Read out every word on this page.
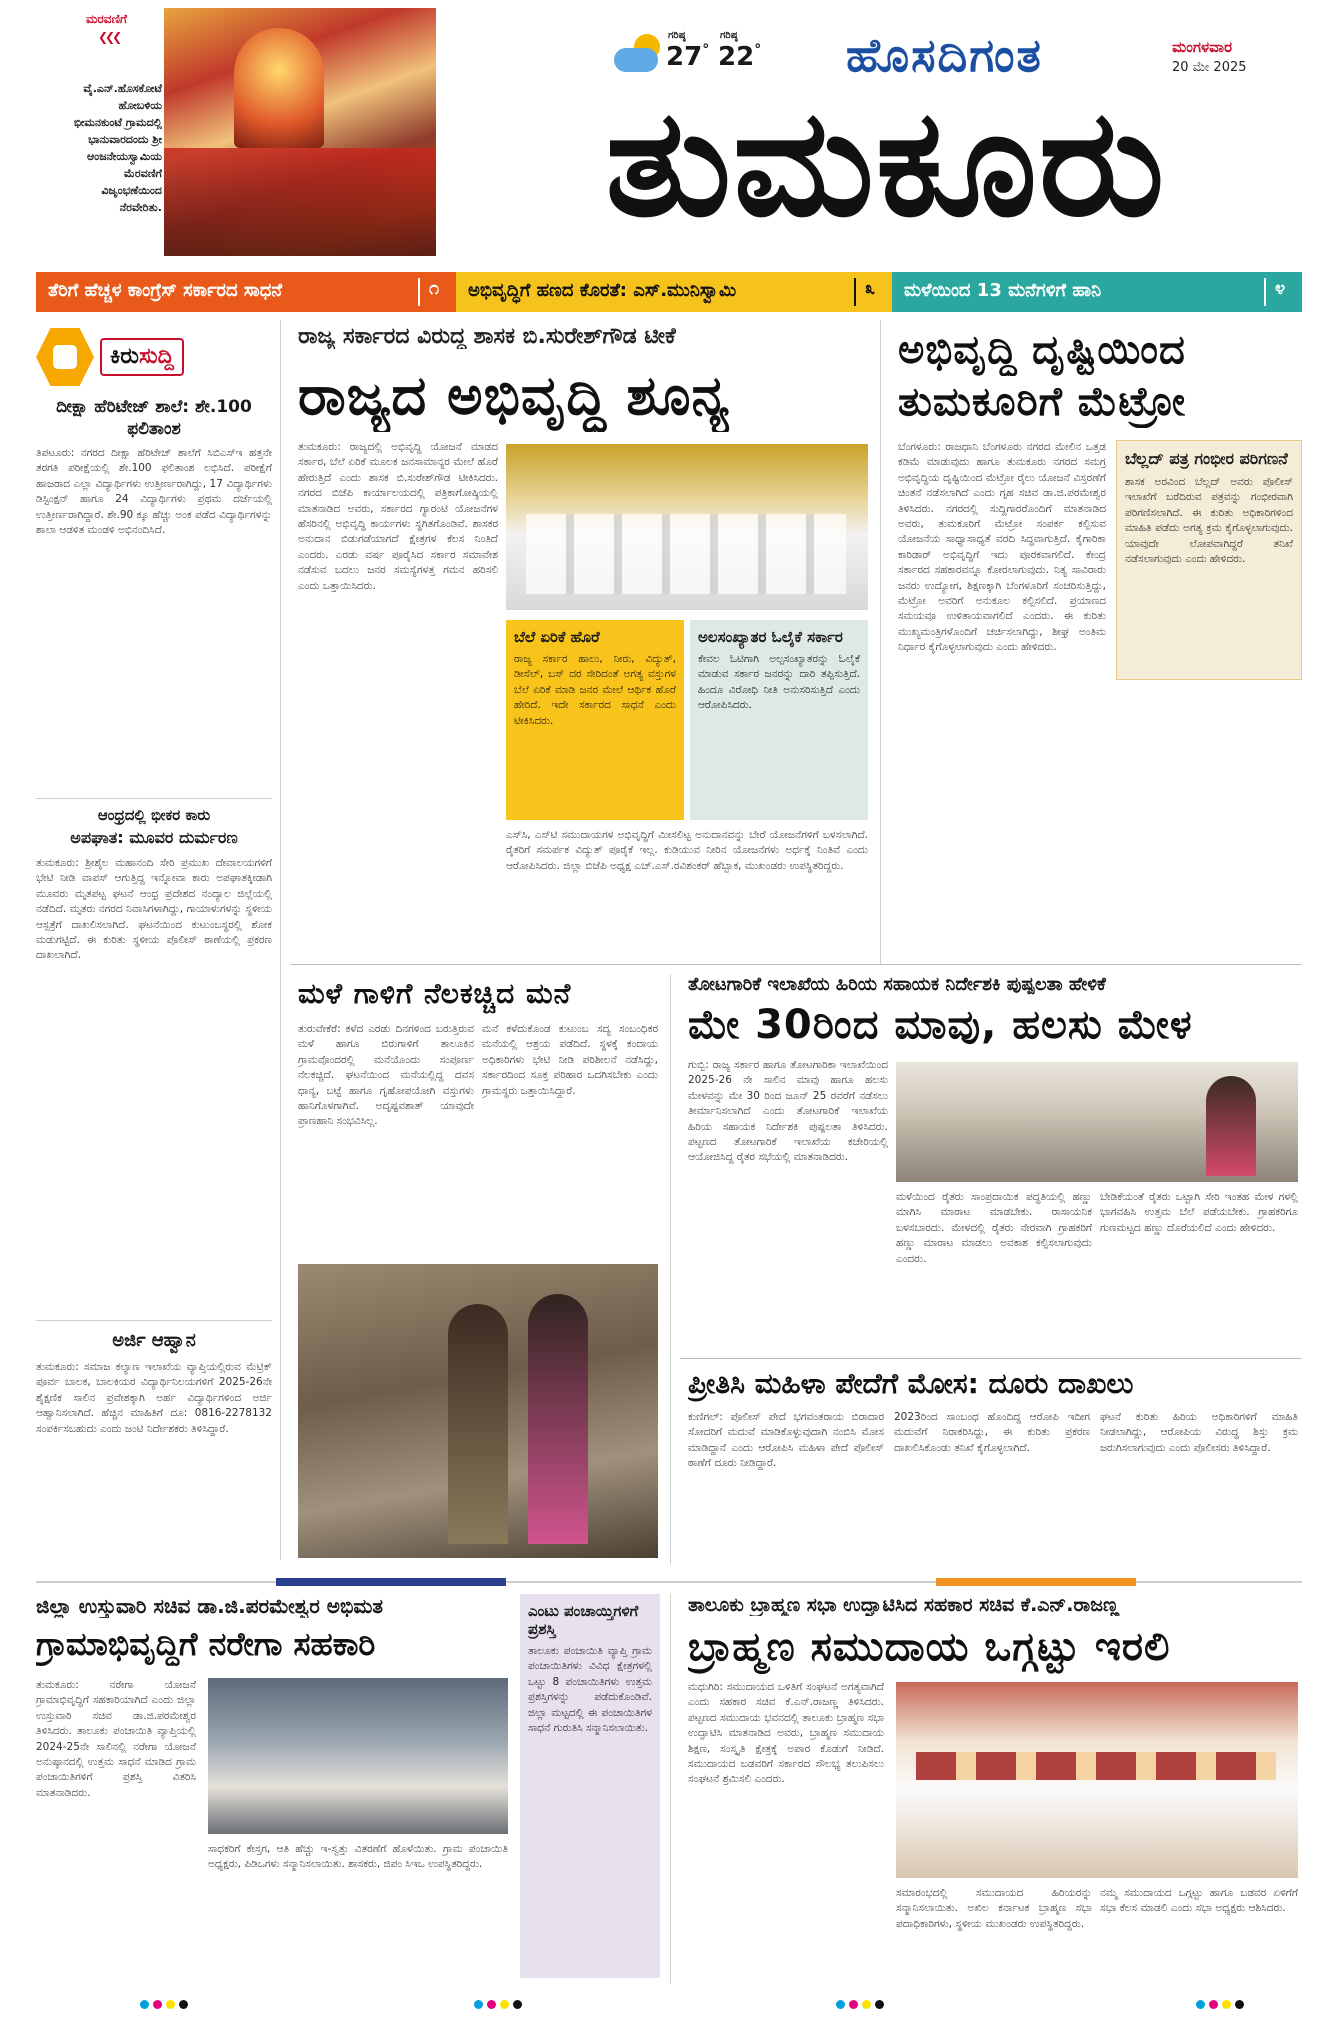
ಮರವಣಿಗೆ
❮❮❮
ವೈ.ಎನ್.ಹೊಸಕೋಟೆ ಹೋಬಳಿಯ ಭೀಮನಕುಂಟೆ ಗ್ರಾಮದಲ್ಲಿ ಭಾನುವಾರದಂದು ಶ್ರೀ ಆಂಜನೇಯಸ್ವಾಮಿಯ ಮೆರವಣಿಗೆ ವಿಜೃಂಭಣೆಯಿಂದ ನೆರವೇರಿತು.
ಗರಿಷ್ಠ
27°
ಗರಿಷ್ಠ
22° ಹೊಸದಿಗಂತ	ಮಂಗಳವಾರ
20 ಮೇ 2025
ತುಮಕೂರು
ತೆರಿಗೆ ಹೆಚ್ಚಳ ಕಾಂಗ್ರೆಸ್ ಸರ್ಕಾರದ ಸಾಧನೆ	೧	ಅಭಿವೃದ್ಧಿಗೆ ಹಣದ ಕೊರತೆ: ಎಸ್.ಮುನಿಸ್ವಾಮಿ	೩	ಮಳೆಯಿಂದ 13 ಮನೆಗಳಿಗೆ ಹಾನಿ	೪
ಕಿರುಸುದ್ದಿ
ದೀಕ್ಷಾ ಹೆರಿಟೇಜ್ ಶಾಲೆ: ಶೇ.100 ಫಲಿತಾಂಶ
ತಿಪಟೂರು: ನಗರದ ದೀಕ್ಷಾ ಹೆರಿಟೇಜ್ ಶಾಲೆಗೆ ಸಿಬಿಎಸ್‌ಇ ಹತ್ತನೇ ತರಗತಿ ಪರೀಕ್ಷೆಯಲ್ಲಿ ಶೇ.100 ಫಲಿತಾಂಶ ಲಭಿಸಿದೆ. ಪರೀಕ್ಷೆಗೆ ಹಾಜರಾದ ಎಲ್ಲಾ ವಿದ್ಯಾರ್ಥಿಗಳು ಉತ್ತೀರ್ಣರಾಗಿದ್ದು, 17 ವಿದ್ಯಾರ್ಥಿಗಳು ಡಿಸ್ಟಿಂಕ್ಷನ್ ಹಾಗೂ 24 ವಿದ್ಯಾರ್ಥಿಗಳು ಪ್ರಥಮ ದರ್ಜೆಯಲ್ಲಿ ಉತ್ತೀರ್ಣರಾಗಿದ್ದಾರೆ. ಶೇ.90 ಕ್ಕೂ ಹೆಚ್ಚು ಅಂಕ ಪಡೆದ ವಿದ್ಯಾರ್ಥಿಗಳನ್ನು ಶಾಲಾ ಆಡಳಿತ ಮಂಡಳಿ ಅಭಿನಂದಿಸಿದೆ.
ಆಂಧ್ರದಲ್ಲಿ ಭೀಕರ ಕಾರು
ಅಪಘಾತ: ಮೂವರ ದುರ್ಮರಣ
ತುಮಕೂರು: ಶ್ರೀಶೈಲ ಮಹಾನಂದಿ ಸೇರಿ ಪ್ರಮುಖ ದೇವಾಲಯಗಳಿಗೆ ಭೇಟಿ ನೀಡಿ ವಾಪಸ್ ಆಗುತ್ತಿದ್ದ ಇನ್ನೋವಾ ಕಾರು ಅಪಘಾತಕ್ಕೀಡಾಗಿ ಮೂವರು ಮೃತಪಟ್ಟ ಘಟನೆ ಆಂಧ್ರ ಪ್ರದೇಶದ ನಂದ್ಯಾಲ ಜಿಲ್ಲೆಯಲ್ಲಿ ನಡೆದಿದೆ. ಮೃತರು ನಗರದ ನಿವಾಸಿಗಳಾಗಿದ್ದು, ಗಾಯಾಳುಗಳನ್ನು ಸ್ಥಳೀಯ ಆಸ್ಪತ್ರೆಗೆ ದಾಖಲಿಸಲಾಗಿದೆ. ಘಟನೆಯಿಂದ ಕುಟುಂಬಸ್ಥರಲ್ಲಿ ಶೋಕ ಮಡುಗಟ್ಟಿದೆ. ಈ ಕುರಿತು ಸ್ಥಳೀಯ ಪೊಲೀಸ್ ಠಾಣೆಯಲ್ಲಿ ಪ್ರಕರಣ ದಾಖಲಾಗಿದೆ.
ಅರ್ಜಿ ಆಹ್ವಾನ
ತುಮಕೂರು: ಸಮಾಜ ಕಲ್ಯಾಣ ಇಲಾಖೆಯ ವ್ಯಾಪ್ತಿಯಲ್ಲಿರುವ ಮೆಟ್ರಿಕ್ ಪೂರ್ವ ಬಾಲಕ, ಬಾಲಕಿಯರ ವಿದ್ಯಾರ್ಥಿನಿಲಯಗಳಿಗೆ 2025-26ನೇ ಶೈಕ್ಷಣಿಕ ಸಾಲಿನ ಪ್ರವೇಶಕ್ಕಾಗಿ ಅರ್ಹ ವಿದ್ಯಾರ್ಥಿಗಳಿಂದ ಅರ್ಜಿ ಆಹ್ವಾನಿಸಲಾಗಿದೆ. ಹೆಚ್ಚಿನ ಮಾಹಿತಿಗೆ ದೂ: 0816-2278132 ಸಂಪರ್ಕಿಸಬಹುದು ಎಂದು ಜಂಟಿ ನಿರ್ದೇಶಕರು ತಿಳಿಸಿದ್ದಾರೆ.
ರಾಜ್ಯ ಸರ್ಕಾರದ ವಿರುದ್ಧ ಶಾಸಕ ಬಿ.ಸುರೇಶ್‌ಗೌಡ ಟೀಕೆ
ರಾಜ್ಯದ ಅಭಿವೃದ್ಧಿ ಶೂನ್ಯ
ತುಮಕೂರು: ರಾಜ್ಯದಲ್ಲಿ ಅಭಿವೃದ್ಧಿ ಯೋಜನೆ ಮಾಡದ ಸರ್ಕಾರ, ಬೆಲೆ ಏರಿಕೆ ಮೂಲಕ ಜನಸಾಮಾನ್ಯರ ಮೇಲೆ ಹೊರೆ ಹೇರುತ್ತಿದೆ ಎಂದು ಶಾಸಕ ಬಿ.ಸುರೇಶ್‌ಗೌಡ ಟೀಕಿಸಿದರು. ನಗರದ ಬಿಜೆಪಿ ಕಾರ್ಯಾಲಯದಲ್ಲಿ ಪತ್ರಿಕಾಗೋಷ್ಠಿಯಲ್ಲಿ ಮಾತನಾಡಿದ ಅವರು, ಸರ್ಕಾರದ ಗ್ಯಾರಂಟಿ ಯೋಜನೆಗಳ ಹೆಸರಿನಲ್ಲಿ ಅಭಿವೃದ್ಧಿ ಕಾರ್ಯಗಳು ಸ್ಥಗಿತಗೊಂಡಿವೆ. ಶಾಸಕರ ಅನುದಾನ ಬಿಡುಗಡೆಯಾಗದೆ ಕ್ಷೇತ್ರಗಳ ಕೆಲಸ ನಿಂತಿದೆ ಎಂದರು. ಎರಡು ವರ್ಷ ಪೂರೈಸಿದ ಸರ್ಕಾರ ಸಮಾವೇಶ ನಡೆಸುವ ಬದಲು ಜನರ ಸಮಸ್ಯೆಗಳತ್ತ ಗಮನ ಹರಿಸಲಿ ಎಂದು ಒತ್ತಾಯಿಸಿದರು.
ಬೆಲೆ ಏರಿಕೆ ಹೊರೆ
ರಾಜ್ಯ ಸರ್ಕಾರ ಹಾಲು, ನೀರು, ವಿದ್ಯುತ್, ಡೀಸೆಲ್, ಬಸ್ ದರ ಸೇರಿದಂತೆ ಅಗತ್ಯ ವಸ್ತುಗಳ ಬೆಲೆ ಏರಿಕೆ ಮಾಡಿ ಜನರ ಮೇಲೆ ಆರ್ಥಿಕ ಹೊರೆ ಹೇರಿದೆ. ಇದೇ ಸರ್ಕಾರದ ಸಾಧನೆ ಎಂದು ಟೀಕಿಸಿದರು.
ಅಲಸಂಖ್ಯಾತರ ಓಲೈಕೆ ಸರ್ಕಾರ
ಕೇವಲ ಓಟಿಗಾಗಿ ಅಲ್ಪಸಂಖ್ಯಾತರನ್ನು ಓಲೈಕೆ ಮಾಡುವ ಸರ್ಕಾರ ಜನರನ್ನು ದಾರಿ ತಪ್ಪಿಸುತ್ತಿದೆ. ಹಿಂದೂ ವಿರೋಧಿ ನೀತಿ ಅನುಸರಿಸುತ್ತಿದೆ ಎಂದು ಆರೋಪಿಸಿದರು.
ಎಸ್‌ಸಿ, ಎಸ್‌ಟಿ ಸಮುದಾಯಗಳ ಅಭಿವೃದ್ಧಿಗೆ ಮೀಸಲಿಟ್ಟ ಅನುದಾನವನ್ನು ಬೇರೆ ಯೋಜನೆಗಳಿಗೆ ಬಳಸಲಾಗಿದೆ. ರೈತರಿಗೆ ಸಮರ್ಪಕ ವಿದ್ಯುತ್ ಪೂರೈಕೆ ಇಲ್ಲ. ಕುಡಿಯುವ ನೀರಿನ ಯೋಜನೆಗಳು ಅರ್ಧಕ್ಕೆ ನಿಂತಿವೆ ಎಂದು ಆರೋಪಿಸಿದರು. ಜಿಲ್ಲಾ ಬಿಜೆಪಿ ಅಧ್ಯಕ್ಷ ಎಚ್.ಎಸ್.ರವಿಶಂಕರ್ ಹೆಬ್ಬಾಕ, ಮುಖಂಡರು ಉಪಸ್ಥಿತರಿದ್ದರು.
ಅಭಿವೃದ್ಧಿ ದೃಷ್ಟಿಯಿಂದ
ತುಮಕೂರಿಗೆ ಮೆಟ್ರೋ
ಬೆಂಗಳೂರು: ರಾಜಧಾನಿ ಬೆಂಗಳೂರು ನಗರದ ಮೇಲಿನ ಒತ್ತಡ ಕಡಿಮೆ ಮಾಡುವುದು ಹಾಗೂ ತುಮಕೂರು ನಗರದ ಸಮಗ್ರ ಅಭಿವೃದ್ಧಿಯ ದೃಷ್ಟಿಯಿಂದ ಮೆಟ್ರೋ ರೈಲು ಯೋಜನೆ ವಿಸ್ತರಣೆಗೆ ಚಿಂತನೆ ನಡೆಸಲಾಗಿದೆ ಎಂದು ಗೃಹ ಸಚಿವ ಡಾ.ಜಿ.ಪರಮೇಶ್ವರ ತಿಳಿಸಿದರು. ನಗರದಲ್ಲಿ ಸುದ್ದಿಗಾರರೊಂದಿಗೆ ಮಾತನಾಡಿದ ಅವರು, ತುಮಕೂರಿಗೆ ಮೆಟ್ರೋ ಸಂಪರ್ಕ ಕಲ್ಪಿಸುವ ಯೋಜನೆಯ ಸಾಧ್ಯಾಸಾಧ್ಯತೆ ವರದಿ ಸಿದ್ಧವಾಗುತ್ತಿದೆ. ಕೈಗಾರಿಕಾ ಕಾರಿಡಾರ್ ಅಭಿವೃದ್ಧಿಗೆ ಇದು ಪೂರಕವಾಗಲಿದೆ. ಕೇಂದ್ರ ಸರ್ಕಾರದ ಸಹಕಾರವನ್ನೂ ಕೋರಲಾಗುವುದು. ನಿತ್ಯ ಸಾವಿರಾರು ಜನರು ಉದ್ಯೋಗ, ಶಿಕ್ಷಣಕ್ಕಾಗಿ ಬೆಂಗಳೂರಿಗೆ ಸಂಚರಿಸುತ್ತಿದ್ದು, ಮೆಟ್ರೋ ಅವರಿಗೆ ಅನುಕೂಲ ಕಲ್ಪಿಸಲಿದೆ. ಪ್ರಯಾಣದ ಸಮಯವೂ ಉಳಿತಾಯವಾಗಲಿದೆ ಎಂದರು. ಈ ಕುರಿತು ಮುಖ್ಯಮಂತ್ರಿಗಳೊಂದಿಗೆ ಚರ್ಚಿಸಲಾಗಿದ್ದು, ಶೀಘ್ರ ಅಂತಿಮ ನಿರ್ಧಾರ ಕೈಗೊಳ್ಳಲಾಗುವುದು ಎಂದು ಹೇಳಿದರು.
ಬೆಲ್ಲದ್ ಪತ್ರ ಗಂಭೀರ ಪರಿಗಣನೆ
ಶಾಸಕ ಅರವಿಂದ ಬೆಲ್ಲದ್ ಅವರು ಪೊಲೀಸ್ ಇಲಾಖೆಗೆ ಬರೆದಿರುವ ಪತ್ರವನ್ನು ಗಂಭೀರವಾಗಿ ಪರಿಗಣಿಸಲಾಗಿದೆ. ಈ ಕುರಿತು ಅಧಿಕಾರಿಗಳಿಂದ ಮಾಹಿತಿ ಪಡೆದು ಅಗತ್ಯ ಕ್ರಮ ಕೈಗೊಳ್ಳಲಾಗುವುದು. ಯಾವುದೇ ಲೋಪವಾಗಿದ್ದರೆ ತನಿಖೆ ನಡೆಸಲಾಗುವುದು ಎಂದು ಹೇಳಿದರು.
ಮಳೆ ಗಾಳಿಗೆ ನೆಲಕಚ್ಚಿದ ಮನೆ
ತುರುವೇಕೆರೆ: ಕಳೆದ ಎರಡು ದಿನಗಳಿಂದ ಬರುತ್ತಿರುವ ಮಳೆ ಹಾಗೂ ಬಿರುಗಾಳಿಗೆ ತಾಲೂಕಿನ ಗ್ರಾಮವೊಂದರಲ್ಲಿ ಮನೆಯೊಂದು ಸಂಪೂರ್ಣ ನೆಲಕಚ್ಚಿದೆ. ಘಟನೆಯಿಂದ ಮನೆಯಲ್ಲಿದ್ದ ದವಸ ಧಾನ್ಯ, ಬಟ್ಟೆ ಹಾಗೂ ಗೃಹೋಪಯೋಗಿ ವಸ್ತುಗಳು ಹಾನಿಗೊಳಗಾಗಿವೆ. ಅದೃಷ್ಟವಶಾತ್ ಯಾವುದೇ ಪ್ರಾಣಹಾನಿ ಸಂಭವಿಸಿಲ್ಲ.
ಮನೆ ಕಳೆದುಕೊಂಡ ಕುಟುಂಬ ಸದ್ಯ ಸಂಬಂಧಿಕರ ಮನೆಯಲ್ಲಿ ಆಶ್ರಯ ಪಡೆದಿದೆ. ಸ್ಥಳಕ್ಕೆ ಕಂದಾಯ ಅಧಿಕಾರಿಗಳು ಭೇಟಿ ನೀಡಿ ಪರಿಶೀಲನೆ ನಡೆಸಿದ್ದು, ಸರ್ಕಾರದಿಂದ ಸೂಕ್ತ ಪರಿಹಾರ ಒದಗಿಸಬೇಕು ಎಂದು ಗ್ರಾಮಸ್ಥರು ಒತ್ತಾಯಿಸಿದ್ದಾರೆ.
ತೋಟಗಾರಿಕೆ ಇಲಾಖೆಯ ಹಿರಿಯ ಸಹಾಯಕ ನಿರ್ದೇಶಕಿ ಪುಷ್ಪಲತಾ ಹೇಳಿಕೆ
ಮೇ 30ರಿಂದ ಮಾವು, ಹಲಸು ಮೇಳ
ಗುಬ್ಬಿ: ರಾಜ್ಯ ಸರ್ಕಾರ ಹಾಗೂ ತೋಟಗಾರಿಕಾ ಇಲಾಖೆಯಿಂದ 2025-26 ನೇ ಸಾಲಿನ ಮಾವು ಹಾಗೂ ಹಲಸು ಮೇಳವನ್ನು ಮೇ 30 ರಿಂದ ಜೂನ್ 25 ರವರೆಗೆ ನಡೆಸಲು ತೀರ್ಮಾನಿಸಲಾಗಿದೆ ಎಂದು ತೋಟಗಾರಿಕೆ ಇಲಾಖೆಯ ಹಿರಿಯ ಸಹಾಯಕ ನಿರ್ದೇಶಕಿ ಪುಷ್ಪಲತಾ ತಿಳಿಸಿದರು. ಪಟ್ಟಣದ ತೋಟಗಾರಿಕೆ ಇಲಾಖೆಯ ಕಚೇರಿಯಲ್ಲಿ ಆಯೋಜಿಸಿದ್ದ ರೈತರ ಸಭೆಯಲ್ಲಿ ಮಾತನಾಡಿದರು.
ಮಳೆಯಿಂದ ರೈತರು ಸಾಂಪ್ರದಾಯಿಕ ಪದ್ಧತಿಯಲ್ಲಿ ಹಣ್ಣು ಮಾಗಿಸಿ ಮಾರಾಟ ಮಾಡಬೇಕು. ರಾಸಾಯನಿಕ ಬಳಸಬಾರದು. ಮೇಳದಲ್ಲಿ ರೈತರು ನೇರವಾಗಿ ಗ್ರಾಹಕರಿಗೆ ಹಣ್ಣು ಮಾರಾಟ ಮಾಡಲು ಅವಕಾಶ ಕಲ್ಪಿಸಲಾಗುವುದು ಎಂದರು.
ಬೇಡಿಕೆಯಂತೆ ರೈತರು ಒಟ್ಟಾಗಿ ಸೇರಿ ಇಂತಹ ಮೇಳ ಗಳಲ್ಲಿ ಭಾಗವಹಿಸಿ ಉತ್ತಮ ಬೆಲೆ ಪಡೆಯಬೇಕು. ಗ್ರಾಹಕರಿಗೂ ಗುಣಮಟ್ಟದ ಹಣ್ಣು ದೊರೆಯಲಿದೆ ಎಂದು ಹೇಳಿದರು.
ಪ್ರೀತಿಸಿ ಮಹಿಳಾ ಪೇದೆಗೆ ಮೋಸ: ದೂರು ದಾಖಲು
ಕುಣಿಗಲ್: ಪೊಲೀಸ್ ಪೇದೆ ಭಗವಂತರಾಯ ಬಿರಾದಾರ ಸೋದರಿಗೆ ಮದುವೆ ಮಾಡಿಕೊಳ್ಳುವುದಾಗಿ ನಂಬಿಸಿ ಮೋಸ ಮಾಡಿದ್ದಾನೆ ಎಂದು ಆರೋಪಿಸಿ ಮಹಿಳಾ ಪೇದೆ ಪೊಲೀಸ್ ಠಾಣೆಗೆ ದೂರು ನೀಡಿದ್ದಾರೆ.
2023ರಿಂದ ಸಾಂಬಂಧ ಹೊಂದಿದ್ದ ಆರೋಪಿ ಇದೀಗ ಮದುವೆಗೆ ನಿರಾಕರಿಸಿದ್ದು, ಈ ಕುರಿತು ಪ್ರಕರಣ ದಾಖಲಿಸಿಕೊಂಡು ತನಿಖೆ ಕೈಗೊಳ್ಳಲಾಗಿದೆ.
ಘಟನೆ ಕುರಿತು ಹಿರಿಯ ಅಧಿಕಾರಿಗಳಿಗೆ ಮಾಹಿತಿ ನೀಡಲಾಗಿದ್ದು, ಆರೋಪಿಯ ವಿರುದ್ಧ ಶಿಸ್ತು ಕ್ರಮ ಜರುಗಿಸಲಾಗುವುದು ಎಂದು ಪೊಲೀಸರು ತಿಳಿಸಿದ್ದಾರೆ.
ಜಿಲ್ಲಾ ಉಸ್ತುವಾರಿ ಸಚಿವ ಡಾ.ಜಿ.ಪರಮೇಶ್ವರ ಅಭಿಮತ
ಗ್ರಾಮಾಭಿವೃದ್ಧಿಗೆ ನರೇಗಾ ಸಹಕಾರಿ
ತುಮಕೂರು: ನರೇಗಾ ಯೋಜನೆ ಗ್ರಾಮಾಭಿವೃದ್ಧಿಗೆ ಸಹಕಾರಿಯಾಗಿದೆ ಎಂದು ಜಿಲ್ಲಾ ಉಸ್ತುವಾರಿ ಸಚಿವ ಡಾ.ಜಿ.ಪರಮೇಶ್ವರ ತಿಳಿಸಿದರು. ತಾಲೂಕು ಪಂಚಾಯಿತಿ ವ್ಯಾಪ್ತಿಯಲ್ಲಿ 2024-25ನೇ ಸಾಲಿನಲ್ಲಿ ನರೇಗಾ ಯೋಜನೆ ಅನುಷ್ಠಾನದಲ್ಲಿ ಉತ್ತಮ ಸಾಧನೆ ಮಾಡಿದ ಗ್ರಾಮ ಪಂಚಾಯಿತಿಗಳಿಗೆ ಪ್ರಶಸ್ತಿ ವಿತರಿಸಿ ಮಾತನಾಡಿದರು.
ಸಾಧಕರಿಗೆ ಕೇಸ್ತಗ, ಆತಿ ಹೆಚ್ಚು ಇ-ಸ್ವತ್ತು ವಿತರಣೆಗೆ ಹೊಳೆಯಿತು. ಗ್ರಾಮ ಪಂಚಾಯಿತಿ ಅಧ್ಯಕ್ಷರು, ಪಿಡಿಒಗಳು ಸನ್ಮಾನಿಸಲಾಯಿತು. ಶಾಸಕರು, ಜಿಪಂ ಸಿಇಒ ಉಪಸ್ಥಿತರಿದ್ದರು.
ಎಂಟು ಪಂಚಾಯ್ತಿಗಳಿಗೆ ಪ್ರಶಸ್ತಿ
ತಾಲೂಕು ಪಂಚಾಯಿತಿ ವ್ಯಾಪ್ತಿ ಗ್ರಾಮ ಪಂಚಾಯಿತಿಗಳು ವಿವಿಧ ಕ್ಷೇತ್ರಗಳಲ್ಲಿ ಒಟ್ಟು 8 ಪಂಚಾಯಿತಿಗಳು ಉತ್ತಮ ಪ್ರಶಸ್ತಿಗಳನ್ನು ಪಡೆದುಕೊಂಡಿವೆ. ಜಿಲ್ಲಾ ಮಟ್ಟದಲ್ಲಿ ಈ ಪಂಚಾಯಿತಿಗಳ ಸಾಧನೆ ಗುರುತಿಸಿ ಸನ್ಮಾನಿಸಲಾಯಿತು.
ತಾಲೂಕು ಬ್ರಾಹ್ಮಣ ಸಭಾ ಉದ್ಘಾಟಿಸಿದ ಸಹಕಾರ ಸಚಿವ ಕೆ.ಎನ್.ರಾಜಣ್ಣ
ಬ್ರಾಹ್ಮಣ ಸಮುದಾಯ ಒಗ್ಗಟ್ಟು ಇರಲಿ
ಮಧುಗಿರಿ: ಸಮುದಾಯದ ಒಳಿತಿಗೆ ಸಂಘಟನೆ ಅಗತ್ಯವಾಗಿದೆ ಎಂದು ಸಹಕಾರ ಸಚಿವ ಕೆ.ಎನ್.ರಾಜಣ್ಣ ತಿಳಿಸಿದರು. ಪಟ್ಟಣದ ಸಮುದಾಯ ಭವನದಲ್ಲಿ ತಾಲೂಕು ಬ್ರಾಹ್ಮಣ ಸಭಾ ಉದ್ಘಾಟಿಸಿ ಮಾತನಾಡಿದ ಅವರು, ಬ್ರಾಹ್ಮಣ ಸಮುದಾಯ ಶಿಕ್ಷಣ, ಸಂಸ್ಕೃತಿ ಕ್ಷೇತ್ರಕ್ಕೆ ಅಪಾರ ಕೊಡುಗೆ ನೀಡಿದೆ. ಸಮುದಾಯದ ಬಡವರಿಗೆ ಸರ್ಕಾರದ ಸೌಲಭ್ಯ ತಲುಪಿಸಲು ಸಂಘಟನೆ ಶ್ರಮಿಸಲಿ ಎಂದರು.
ಸಮಾರಂಭದಲ್ಲಿ ಸಮುದಾಯದ ಹಿರಿಯರನ್ನು ಸನ್ಮಾನಿಸಲಾಯಿತು. ಅಖಿಲ ಕರ್ನಾಟಕ ಬ್ರಾಹ್ಮಣ ಸಭಾ ಪದಾಧಿಕಾರಿಗಳು, ಸ್ಥಳೀಯ ಮುಖಂಡರು ಉಪಸ್ಥಿತರಿದ್ದರು.
ನಮ್ಮ ಸಮುದಾಯದ ಒಗ್ಗಟ್ಟು ಹಾಗೂ ಬಡವರ ಏಳಿಗೆಗೆ ಸಭಾ ಕೆಲಸ ಮಾಡಲಿ ಎಂದು ಸಭಾ ಅಧ್ಯಕ್ಷರು ಆಶಿಸಿದರು.
